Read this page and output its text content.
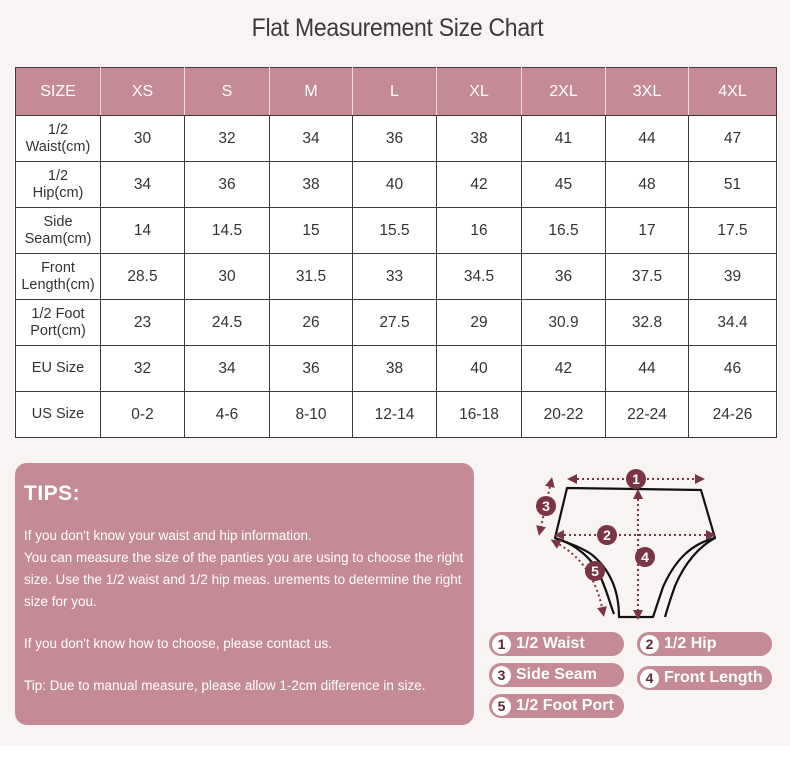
Flat Measurement Size Chart
SIZE	XS	S	M	L	XL	2XL	3XL	4XL
1/2
Waist(cm)	30	32	34	36	38	41	44	47
1/2
Hip(cm)	34	36	38	40	42	45	48	51
Side
Seam(cm)	14	14.5	15	15.5	16	16.5	17	17.5
Front
Length(cm)	28.5	30	31.5	33	34.5	36	37.5	39
1/2 Foot
Port(cm)	23	24.5	26	27.5	29	30.9	32.8	34.4
EU Size	32	34	36	38	40	42	44	46
US Size	0-2	4-6	8-10	12-14	16-18	20-22	22-24	24-26
TIPS:

If you don't know your waist and hip information.

You can measure the size of the panties you are using to choose the right size. Use the 1/2 waist and 1/2 hip meas. urements to determine the right size for you.

If you don't know how to choose, please contact us.

Tip: Due to manual measure, please allow 1-2cm difference in size.

1
2
3
4
5
1 1/2 Waist	2 1/2 Hip
3 Side Seam	4 Front Length
5 1/2 Foot Port
